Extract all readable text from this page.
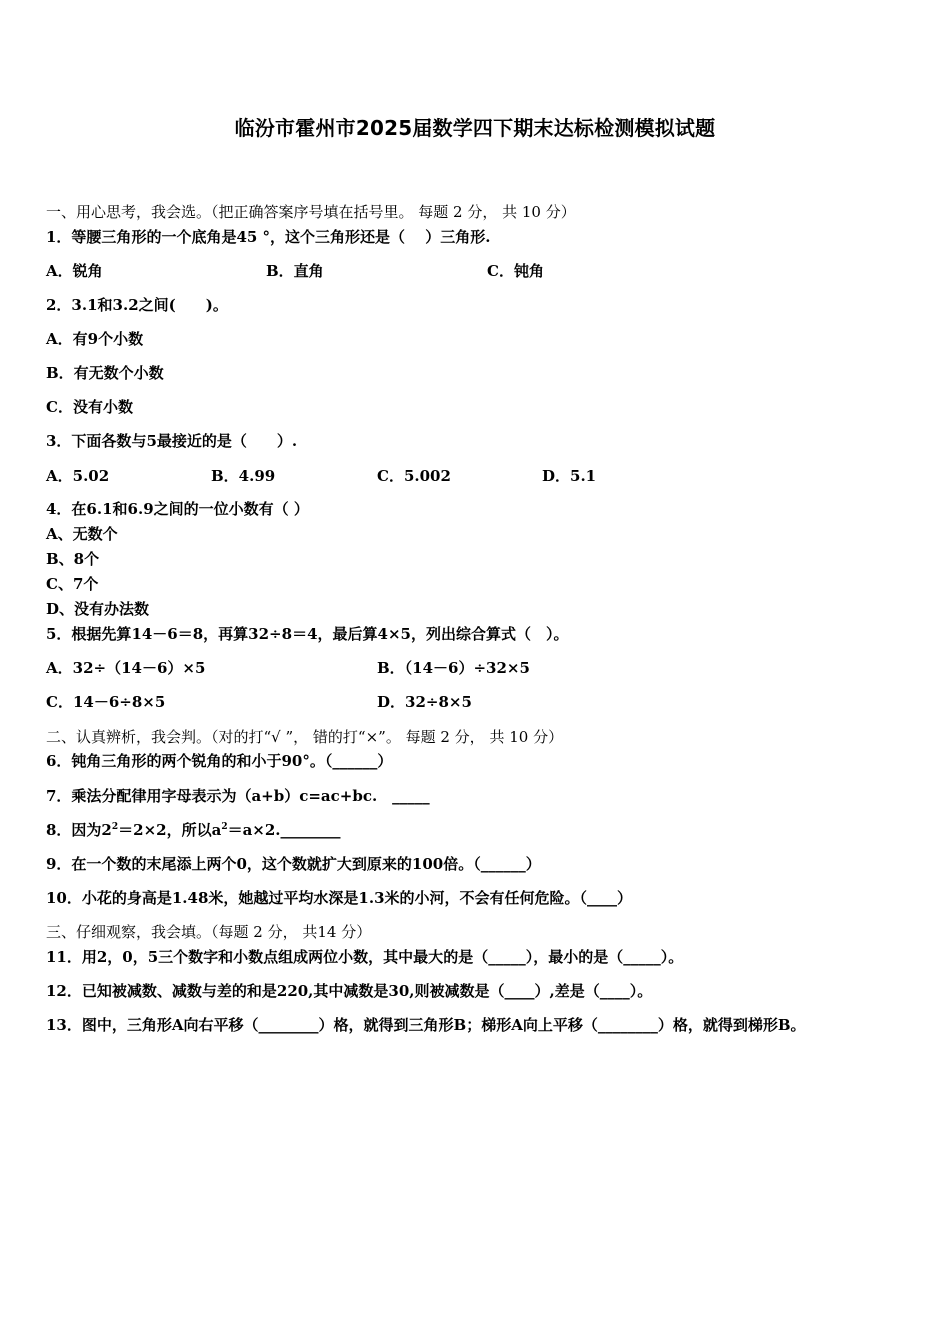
临汾市霍州市2025届数学四下期末达标检测模拟试题
一、用心思考，我会选。（把正确答案序号填在括号里。 每题 2 分， 共 10 分）
1．等腰三角形的一个底角是45 °，这个三角形还是（　 ）三角形.
A．锐角	B．直角	C．钝角
2．3.1和3.2之间(　　)。
A．有9个小数
B．有无数个小数
C．没有小数
3．下面各数与5最接近的是（　　）.
A．5.02	B．4.99	C．5.002	D．5.1
4．在6.1和6.9之间的一位小数有（ ）
A、无数个
B、8个
C、7个
D、没有办法数
5．根据先算14－6＝8，再算32÷8＝4，最后算4×5，列出综合算式（　）。
A．32÷（14－6）×5	B．（14－6）÷32×5
C．14－6÷8×5	D．32÷8×5
二、认真辨析，我会判。（对的打“√ ”， 错的打“×”。 每题 2 分， 共 10 分）
6．钝角三角形的两个锐角的和小于90°。（______）
7．乘法分配律用字母表示为（a+b）c=ac+bc.　_____
8．因为$2^2=2\times 2$，所以$a^2=a\times 2.\_\_\_\_\_\_\_\_$
9．在一个数的末尾添上两个0，这个数就扩大到原来的100倍。（______）
10．小花的身高是1.48米，她越过平均水深是1.3米的小河，不会有任何危险。（____）
三、仔细观察，我会填。（每题 2 分， 共14 分）
11．用2，0，5三个数字和小数点组成两位小数，其中最大的是（_____），最小的是（_____）。
12．已知被减数、减数与差的和是220,其中减数是30,则被减数是（____）,差是（____）。
13．图中，三角形A向右平移（________）格，就得到三角形B；梯形A向上平移（________）格，就得到梯形B。
